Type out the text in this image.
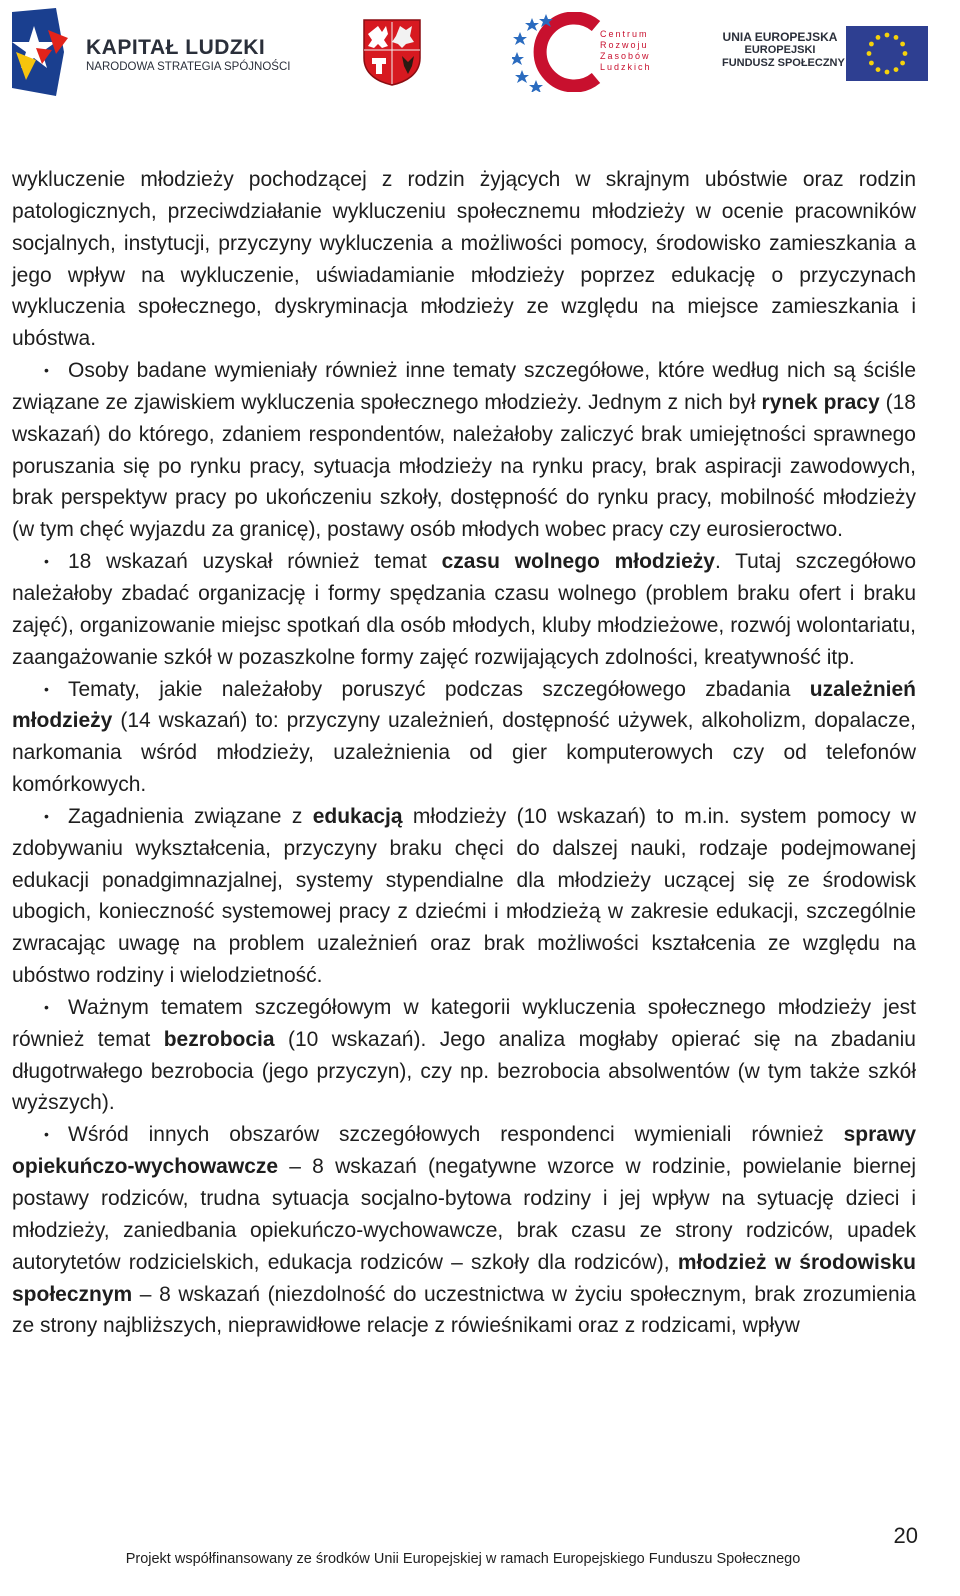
KAPITAŁ LUDZKI
NARODOWA STRATEGIA SPÓJNOŚCI
Centrum
Rozwoju
Zasobów
Ludzkich
UNIA EUROPEJSKA
EUROPEJSKI
FUNDUSZ SPOŁECZNY

wykluczenie młodzieży pochodzącej z rodzin żyjących w skrajnym ubóstwie oraz rodzin patologicznych, przeciwdziałanie wykluczeniu społecznemu młodzieży w ocenie pracowników socjalnych, instytucji, przyczyny wykluczenia a możliwości pomocy, środowisko zamieszkania a jego wpływ na wykluczenie, uświadamianie młodzieży poprzez edukację o przyczynach wykluczenia społecznego, dyskryminacja młodzieży ze względu na miejsce zamieszkania i ubóstwa.

• Osoby badane wymieniały również inne tematy szczegółowe, które według nich są ściśle związane ze zjawiskiem wykluczenia społecznego młodzieży. Jednym z nich był rynek pracy (18 wskazań) do którego, zdaniem respondentów, należałoby zaliczyć brak umiejętności sprawnego poruszania się po rynku pracy, sytuacja młodzieży na rynku pracy, brak aspiracji zawodowych, brak perspektyw pracy po ukończeniu szkoły, dostępność do rynku pracy, mobilność młodzieży (w tym chęć wyjazdu za granicę), postawy osób młodych wobec pracy czy eurosieroctwo.

• 18 wskazań uzyskał również temat czasu wolnego młodzieży. Tutaj szczegółowo należałoby zbadać organizację i formy spędzania czasu wolnego (problem braku ofert i braku zajęć), organizowanie miejsc spotkań dla osób młodych, kluby młodzieżowe, rozwój wolontariatu, zaangażowanie szkół w pozaszkolne formy zajęć rozwijających zdolności, kreatywność itp.

• Tematy, jakie należałoby poruszyć podczas szczegółowego zbadania uzależnień młodzieży (14 wskazań) to: przyczyny uzależnień, dostępność używek, alkoholizm, dopalacze, narkomania wśród młodzieży, uzależnienia od gier komputerowych czy od telefonów komórkowych.

• Zagadnienia związane z edukacją młodzieży (10 wskazań) to m.in. system pomocy w zdobywaniu wykształcenia, przyczyny braku chęci do dalszej nauki, rodzaje podejmowanej edukacji ponadgimnazjalnej, systemy stypendialne dla młodzieży uczącej się ze środowisk ubogich, konieczność systemowej pracy z dziećmi i młodzieżą w zakresie edukacji, szczególnie zwracając uwagę na problem uzależnień oraz brak możliwości kształcenia ze względu na ubóstwo rodziny i wielodzietność.

• Ważnym tematem szczegółowym w kategorii wykluczenia społecznego młodzieży jest również temat bezrobocia (10 wskazań). Jego analiza mogłaby opierać się na zbadaniu długotrwałego bezrobocia (jego przyczyn), czy np. bezrobocia absolwentów (w tym także szkół wyższych).

• Wśród innych obszarów szczegółowych respondenci wymieniali również sprawy opiekuńczo-wychowawcze – 8 wskazań (negatywne wzorce w rodzinie, powielanie biernej postawy rodziców, trudna sytuacja socjalno-bytowa rodziny i jej wpływ na sytuację dzieci i młodzieży, zaniedbania opiekuńczo-wychowawcze, brak czasu ze strony rodziców, upadek autorytetów rodzicielskich, edukacja rodziców – szkoły dla rodziców), młodzież w środowisku społecznym – 8 wskazań (niezdolność do uczestnictwa w życiu społecznym, brak zrozumienia ze strony najbliższych, nieprawidłowe relacje z rówieśnikami oraz z rodzicami, wpływ

20
Projekt współfinansowany ze środków Unii Europejskiej w ramach Europejskiego Funduszu Społecznego
